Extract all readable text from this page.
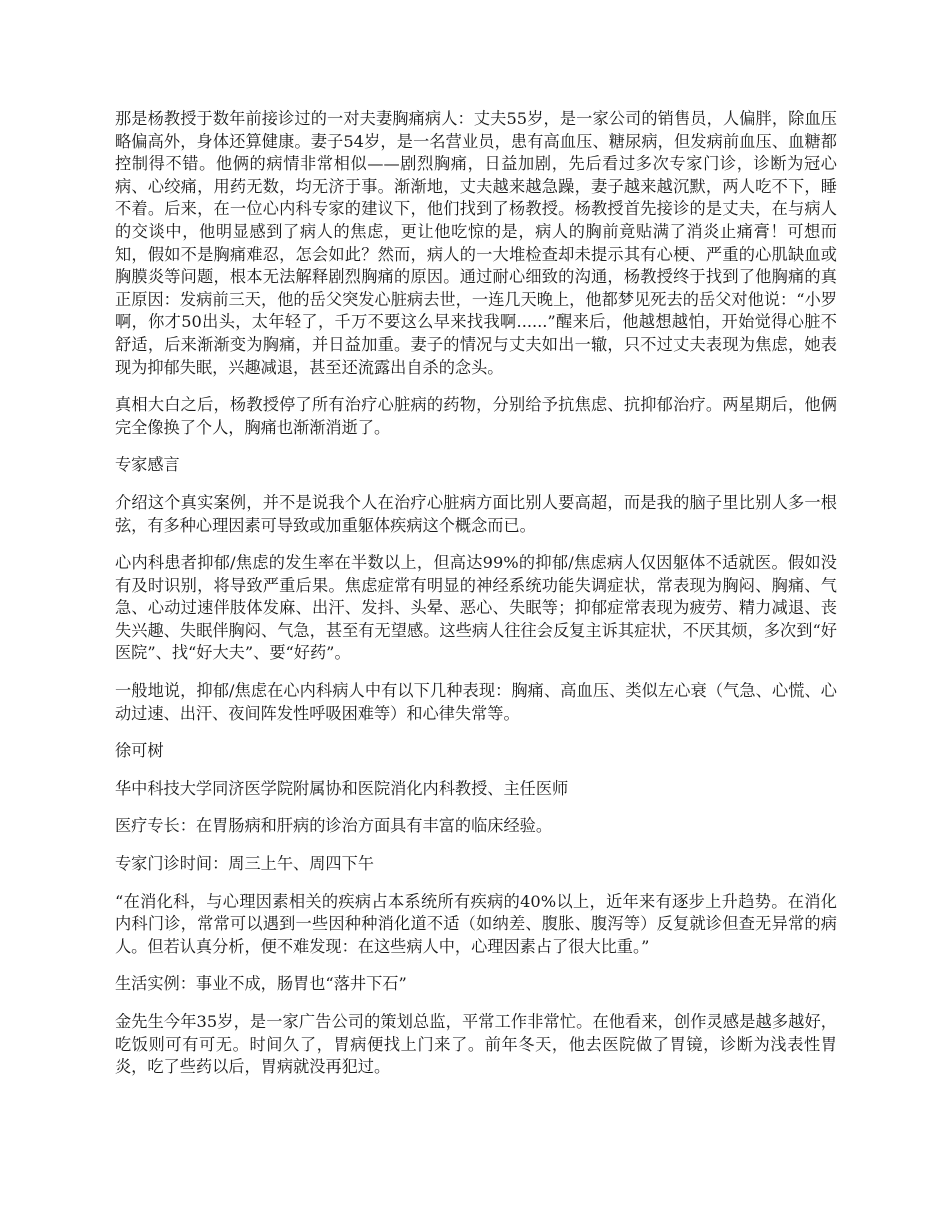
那是杨教授于数年前接诊过的一对夫妻胸痛病人：丈夫55岁，是一家公司的销售员，人偏胖，除血压略偏高外，身体还算健康。妻子54岁，是一名营业员，患有高血压、糖尿病，但发病前血压、血糖都控制得不错。他俩的病情非常相似——剧烈胸痛，日益加剧，先后看过多次专家门诊，诊断为冠心病、心绞痛，用药无数，均无济于事。渐渐地，丈夫越来越急躁，妻子越来越沉默，两人吃不下，睡不着。后来，在一位心内科专家的建议下，他们找到了杨教授。杨教授首先接诊的是丈夫，在与病人的交谈中，他明显感到了病人的焦虑，更让他吃惊的是，病人的胸前竟贴满了消炎止痛膏！可想而知，假如不是胸痛难忍，怎会如此？然而，病人的一大堆检查却未提示其有心梗、严重的心肌缺血或胸膜炎等问题，根本无法解释剧烈胸痛的原因。通过耐心细致的沟通，杨教授终于找到了他胸痛的真正原因：发病前三天，他的岳父突发心脏病去世，一连几天晚上，他都梦见死去的岳父对他说：“小罗啊，你才50出头，太年轻了，千万不要这么早来找我啊......”醒来后，他越想越怕，开始觉得心脏不舒适，后来渐渐变为胸痛，并日益加重。妻子的情况与丈夫如出一辙，只不过丈夫表现为焦虑，她表现为抑郁失眠，兴趣减退，甚至还流露出自杀的念头。

真相大白之后，杨教授停了所有治疗心脏病的药物，分别给予抗焦虑、抗抑郁治疗。两星期后，他俩完全像换了个人，胸痛也渐渐消逝了。

专家感言

介绍这个真实案例，并不是说我个人在治疗心脏病方面比别人要高超，而是我的脑子里比别人多一根弦，有多种心理因素可导致或加重躯体疾病这个概念而已。

心内科患者抑郁/焦虑的发生率在半数以上，但高达99%的抑郁/焦虑病人仅因躯体不适就医。假如没有及时识别，将导致严重后果。焦虑症常有明显的神经系统功能失调症状，常表现为胸闷、胸痛、气急、心动过速伴肢体发麻、出汗、发抖、头晕、恶心、失眠等；抑郁症常表现为疲劳、精力减退、丧失兴趣、失眠伴胸闷、气急，甚至有无望感。这些病人往往会反复主诉其症状，不厌其烦，多次到“好医院”、找“好大夫”、要“好药”。

一般地说，抑郁/焦虑在心内科病人中有以下几种表现：胸痛、高血压、类似左心衰（气急、心慌、心动过速、出汗、夜间阵发性呼吸困难等）和心律失常等。

徐可树

华中科技大学同济医学院附属协和医院消化内科教授、主任医师

医疗专长：在胃肠病和肝病的诊治方面具有丰富的临床经验。

专家门诊时间：周三上午、周四下午

“在消化科，与心理因素相关的疾病占本系统所有疾病的40%以上，近年来有逐步上升趋势。在消化内科门诊，常常可以遇到一些因种种消化道不适（如纳差、腹胀、腹泻等）反复就诊但查无异常的病人。但若认真分析，便不难发现：在这些病人中，心理因素占了很大比重。”

生活实例：事业不成，肠胃也“落井下石”

金先生今年35岁，是一家广告公司的策划总监，平常工作非常忙。在他看来，创作灵感是越多越好，吃饭则可有可无。时间久了，胃病便找上门来了。前年冬天，他去医院做了胃镜，诊断为浅表性胃炎，吃了些药以后，胃病就没再犯过。
